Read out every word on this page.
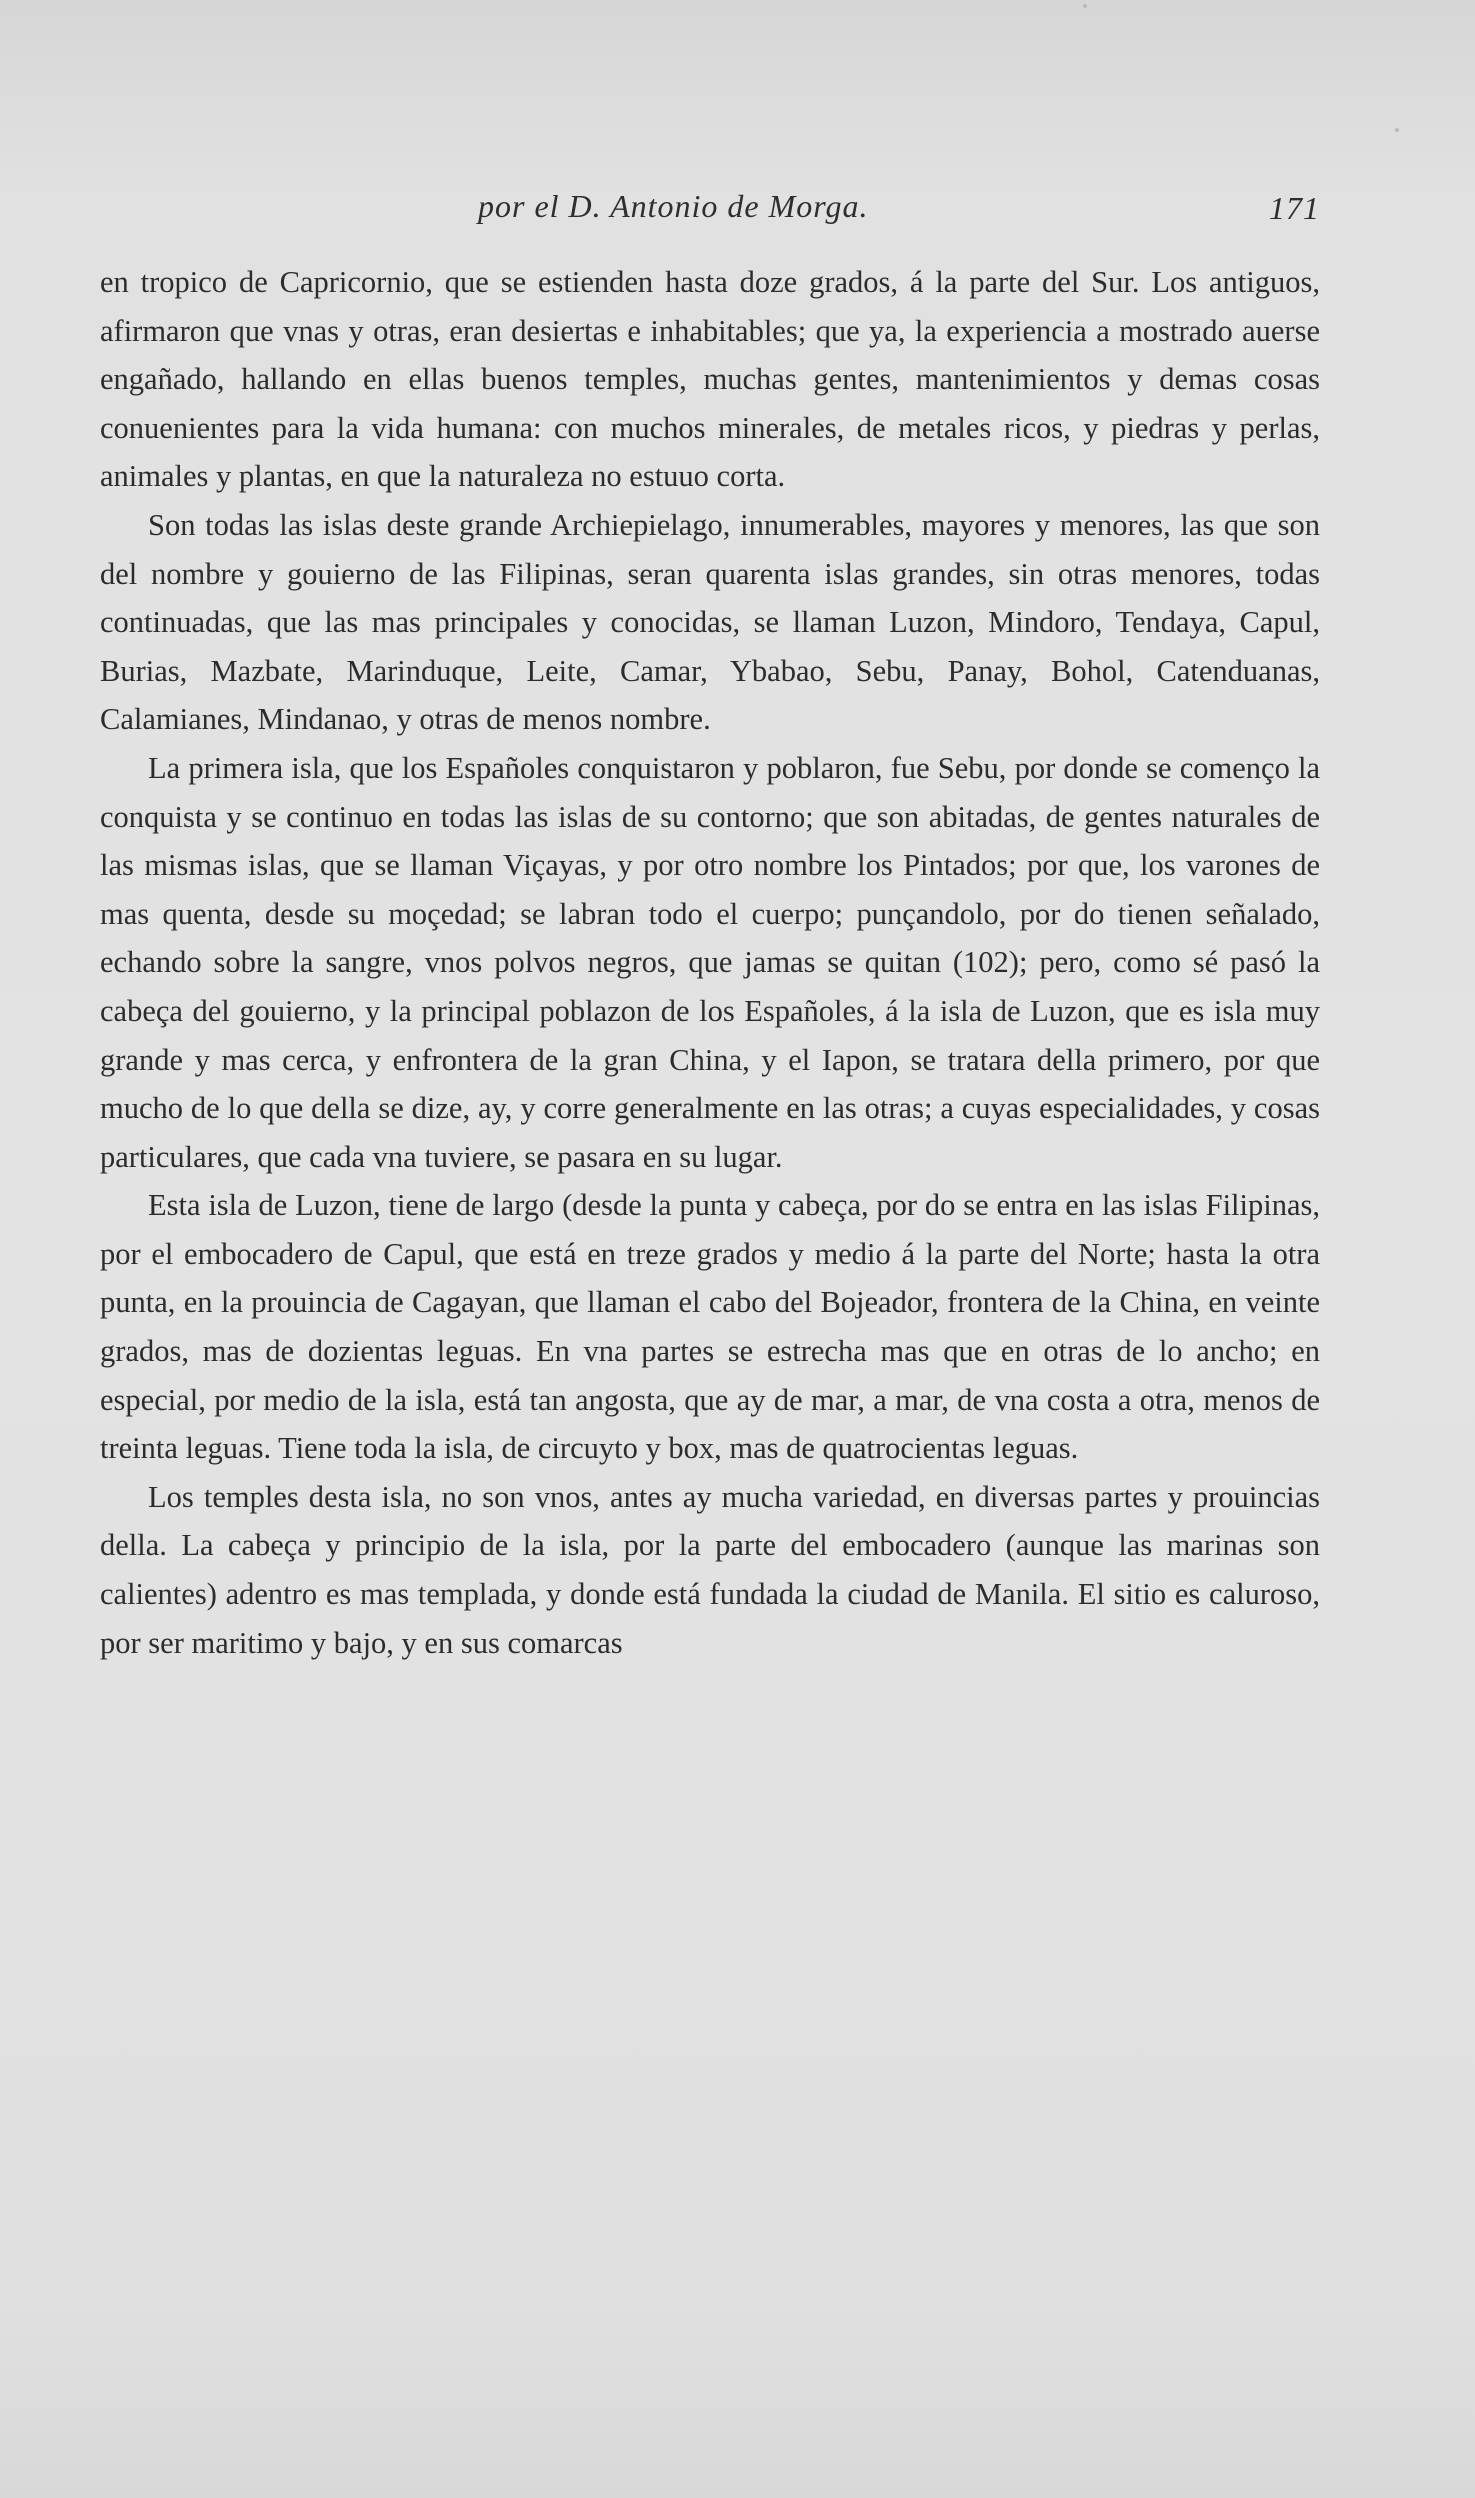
por el D. Antonio de Morga.	171

en tropico de Capricornio, que se estienden hasta doze grados, á la parte del Sur. Los antiguos, afirmaron que vnas y otras, eran desiertas e inhabitables; que ya, la experiencia a mostrado auerse engañado, hallando en ellas buenos temples, muchas gentes, mantenimientos y demas cosas conuenientes para la vida humana: con muchos minerales, de metales ricos, y piedras y perlas, animales y plantas, en que la naturaleza no estuuo corta.

Son todas las islas deste grande Archiepielago, innumerables, mayores y menores, las que son del nombre y gouierno de las Filipinas, seran quarenta islas grandes, sin otras menores, todas continuadas, que las mas principales y conocidas, se llaman Luzon, Mindoro, Tendaya, Capul, Burias, Mazbate, Marinduque, Leite, Camar, Ybabao, Sebu, Panay, Bohol, Catenduanas, Calamianes, Mindanao, y otras de menos nombre.

La primera isla, que los Españoles conquistaron y poblaron, fue Sebu, por donde se començo la conquista y se continuo en todas las islas de su contorno; que son abitadas, de gentes naturales de las mismas islas, que se llaman Viçayas, y por otro nombre los Pintados; por que, los varones de mas quenta, desde su moçedad; se labran todo el cuerpo; punçandolo, por do tienen señalado, echando sobre la sangre, vnos polvos negros, que jamas se quitan (102); pero, como sé pasó la cabeça del gouierno, y la principal poblazon de los Españoles, á la isla de Luzon, que es isla muy grande y mas cerca, y enfrontera de la gran China, y el Iapon, se tratara della primero, por que mucho de lo que della se dize, ay, y corre generalmente en las otras; a cuyas especialidades, y cosas particulares, que cada vna tuviere, se pasara en su lugar.

Esta isla de Luzon, tiene de largo (desde la punta y cabeça, por do se entra en las islas Filipinas, por el embocadero de Capul, que está en treze grados y medio á la parte del Norte; hasta la otra punta, en la prouincia de Cagayan, que llaman el cabo del Bojeador, frontera de la China, en veinte grados, mas de dozientas leguas. En vna partes se estrecha mas que en otras de lo ancho; en especial, por medio de la isla, está tan angosta, que ay de mar, a mar, de vna costa a otra, menos de treinta leguas. Tiene toda la isla, de circuyto y box, mas de quatrocientas leguas.

Los temples desta isla, no son vnos, antes ay mucha variedad, en diversas partes y prouincias della. La cabeça y principio de la isla, por la parte del embocadero (aunque las marinas son calientes) adentro es mas templada, y donde está fundada la ciudad de Manila. El sitio es caluroso, por ser maritimo y bajo, y en sus comarcas
